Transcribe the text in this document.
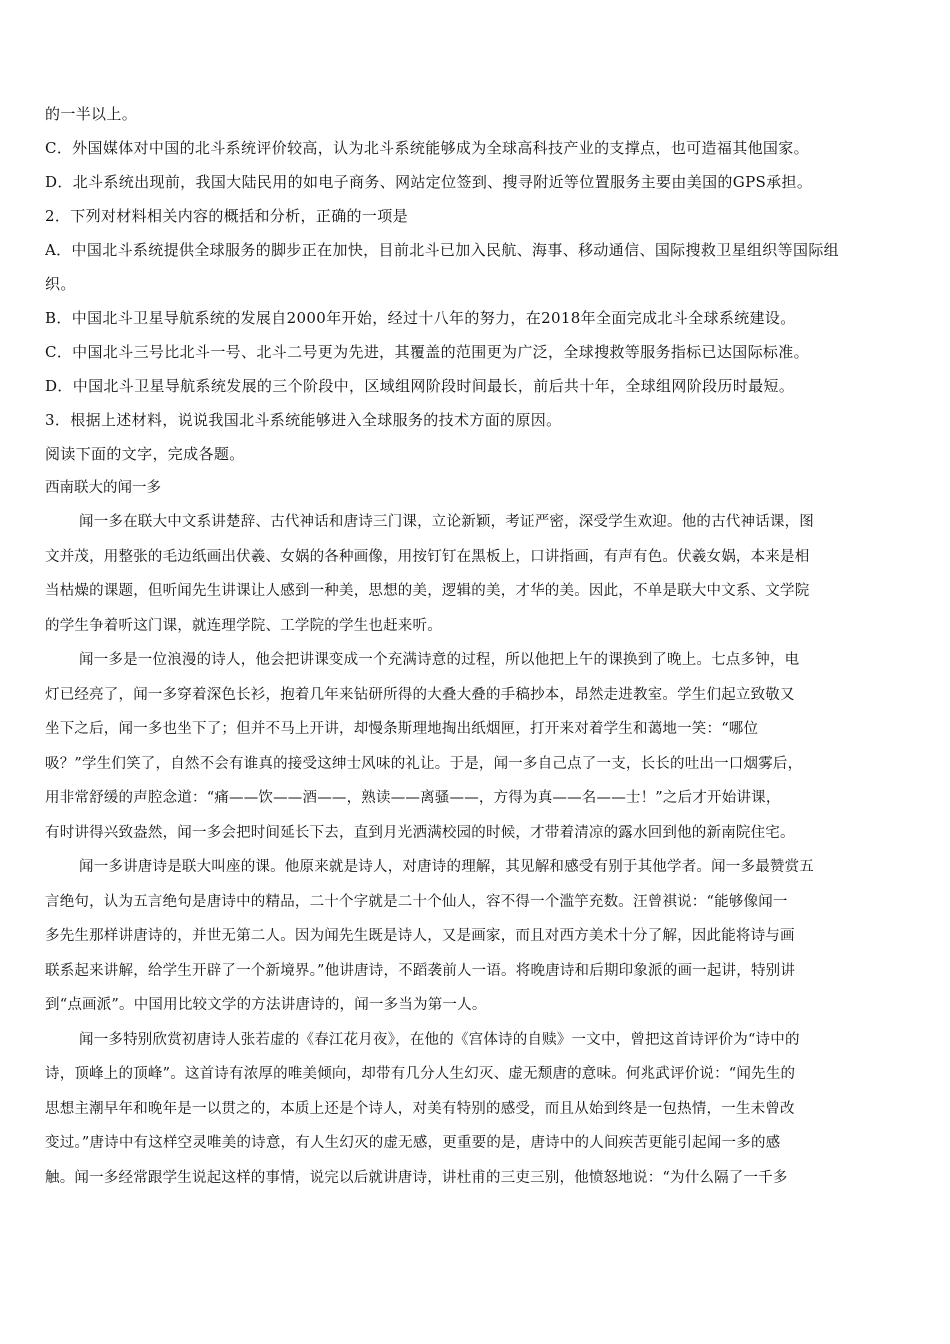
的一半以上。
C．外国媒体对中国的北斗系统评价较高，认为北斗系统能够成为全球高科技产业的支撑点，也可造福其他国家。
D．北斗系统出现前，我国大陆民用的如电子商务、网站定位签到、搜寻附近等位置服务主要由美国的GPS承担。
2．下列对材料相关内容的概括和分析，正确的一项是
A．中国北斗系统提供全球服务的脚步正在加快，目前北斗已加入民航、海事、移动通信、国际搜救卫星组织等国际组
织。
B．中国北斗卫星导航系统的发展自2000年开始，经过十八年的努力，在2018年全面完成北斗全球系统建设。
C．中国北斗三号比北斗一号、北斗二号更为先进，其覆盖的范围更为广泛，全球搜救等服务指标已达国际标准。
D．中国北斗卫星导航系统发展的三个阶段中，区域组网阶段时间最长，前后共十年，全球组网阶段历时最短。
3．根据上述材料，说说我国北斗系统能够进入全球服务的技术方面的原因。
阅读下面的文字，完成各题。
西南联大的闻一多
闻一多在联大中文系讲楚辞、古代神话和唐诗三门课，立论新颖，考证严密，深受学生欢迎。他的古代神话课，图
文并茂，用整张的毛边纸画出伏羲、女娲的各种画像，用按钉钉在黑板上，口讲指画，有声有色。伏羲女娲，本来是相
当枯燥的课题，但听闻先生讲课让人感到一种美，思想的美，逻辑的美，才华的美。因此，不单是联大中文系、文学院
的学生争着听这门课，就连理学院、工学院的学生也赶来听。
闻一多是一位浪漫的诗人，他会把讲课变成一个充满诗意的过程，所以他把上午的课换到了晚上。七点多钟，电
灯已经亮了，闻一多穿着深色长衫，抱着几年来钻研所得的大叠大叠的手稿抄本，昂然走进教室。学生们起立致敬又
坐下之后，闻一多也坐下了；但并不马上开讲，却慢条斯理地掏出纸烟匣，打开来对着学生和蔼地一笑：“哪位
吸？”学生们笑了，自然不会有谁真的接受这绅士风味的礼让。于是，闻一多自己点了一支，长长的吐出一口烟雾后，
用非常舒缓的声腔念道：“痛——饮——酒——，熟读——离骚——，方得为真——名——士！”之后才开始讲课，
有时讲得兴致盎然，闻一多会把时间延长下去，直到月光洒满校园的时候，才带着清凉的露水回到他的新南院住宅。
闻一多讲唐诗是联大叫座的课。他原来就是诗人，对唐诗的理解，其见解和感受有别于其他学者。闻一多最赞赏五
言绝句，认为五言绝句是唐诗中的精品，二十个字就是二十个仙人，容不得一个滥竽充数。汪曾祺说：“能够像闻一
多先生那样讲唐诗的，并世无第二人。因为闻先生既是诗人，又是画家，而且对西方美术十分了解，因此能将诗与画
联系起来讲解，给学生开辟了一个新境界。”他讲唐诗，不蹈袭前人一语。将晚唐诗和后期印象派的画一起讲，特别讲
到“点画派”。中国用比较文学的方法讲唐诗的，闻一多当为第一人。
闻一多特别欣赏初唐诗人张若虚的《春江花月夜》，在他的《宫体诗的自赎》一文中，曾把这首诗评价为“诗中的
诗，顶峰上的顶峰”。这首诗有浓厚的唯美倾向，却带有几分人生幻灭、虚无颓唐的意味。何兆武评价说：“闻先生的
思想主潮早年和晚年是一以贯之的，本质上还是个诗人，对美有特别的感受，而且从始到终是一包热情，一生未曾改
变过。”唐诗中有这样空灵唯美的诗意，有人生幻灭的虚无感，更重要的是，唐诗中的人间疾苦更能引起闻一多的感
触。闻一多经常跟学生说起这样的事情，说完以后就讲唐诗，讲杜甫的三吏三别，他愤怒地说：“为什么隔了一千多
